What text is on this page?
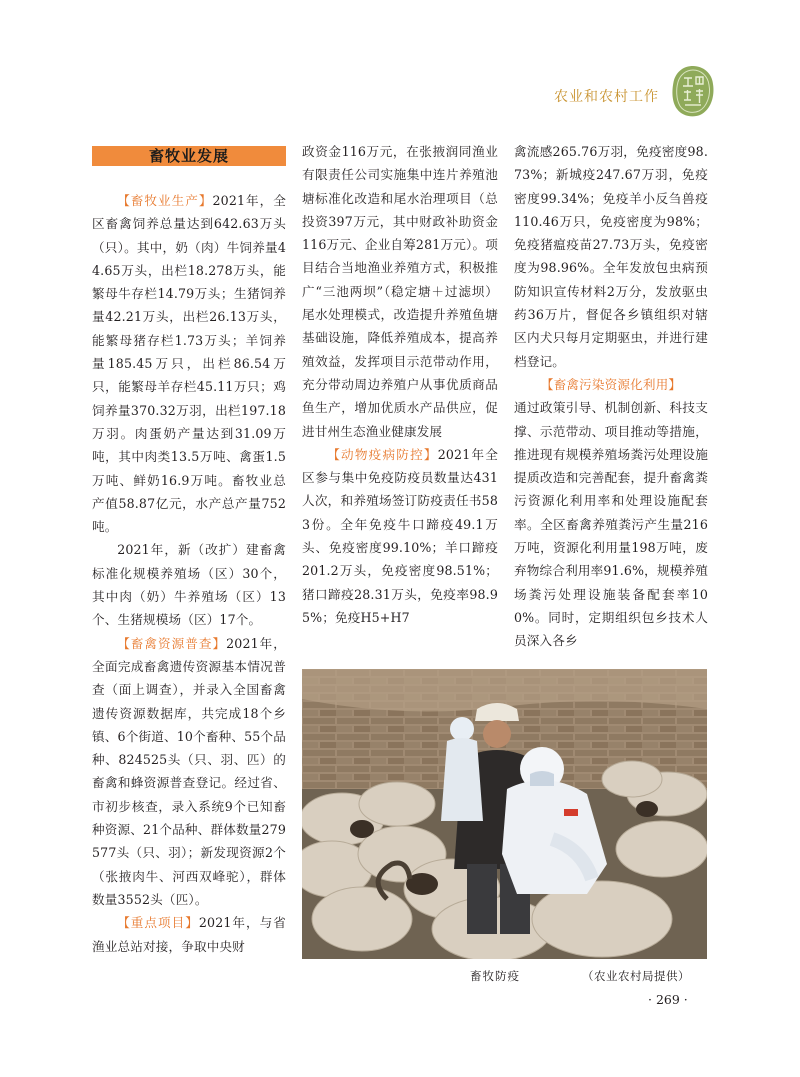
农业和农村工作
畜牧业发展

【畜牧业生产】2021年，全区畜禽饲养总量达到642.63万头（只）。其中，奶（肉）牛饲养量44.65万头，出栏18.278万头，能繁母牛存栏14.79万头；生猪饲养量42.21万头，出栏26.13万头，能繁母猪存栏1.73万头；羊饲养量185.45万只，出栏86.54万只，能繁母羊存栏45.11万只；鸡饲养量370.32万羽，出栏197.18万羽。肉蛋奶产量达到31.09万吨，其中肉类13.5万吨、禽蛋1.5万吨、鲜奶16.9万吨。畜牧业总产值58.87亿元，水产总产量752吨。

2021年，新（改扩）建畜禽标准化规模养殖场（区）30个，其中肉（奶）牛养殖场（区）13个、生猪规模场（区）17个。

【畜禽资源普查】2021年，全面完成畜禽遗传资源基本情况普查（面上调查），并录入全国畜禽遗传资源数据库，共完成18个乡镇、6个街道、10个畜种、55个品种、824525头（只、羽、匹）的畜禽和蜂资源普查登记。经过省、市初步核查，录入系统9个已知畜种资源、21个品种、群体数量279577头（只、羽）；新发现资源2个（张掖肉牛、河西双峰驼），群体数量3552头（匹）。

【重点项目】2021年，与省渔业总站对接，争取中央财

政资金116万元，在张掖润同渔业有限责任公司实施集中连片养殖池塘标准化改造和尾水治理项目（总投资397万元，其中财政补助资金116万元、企业自筹281万元）。项目结合当地渔业养殖方式，积极推广“三池两坝”（稳定塘＋过滤坝）尾水处理模式，改造提升养殖鱼塘基础设施，降低养殖成本，提高养殖效益，发挥项目示范带动作用，充分带动周边养殖户从事优质商品鱼生产，增加优质水产品供应，促进甘州生态渔业健康发展

【动物疫病防控】2021年全区参与集中免疫防疫员数量达431人次，和养殖场签订防疫责任书583份。全年免疫牛口蹄疫49.1万头、免疫密度99.10%；羊口蹄疫201.2万头，免疫密度98.51%；猪口蹄疫28.31万头，免疫率98.95%；免疫H5+H7

禽流感265.76万羽，免疫密度98.73%；新城疫247.67万羽，免疫密度99.34%；免疫羊小反刍兽疫110.46万只，免疫密度为98%；免疫猪瘟疫苗27.73万头，免疫密度为98.96%。全年发放包虫病预防知识宣传材料2万分，发放驱虫药36万片，督促各乡镇组织对辖区内犬只每月定期驱虫，并进行建档登记。

【畜禽污染资源化利用】

通过政策引导、机制创新、科技支撑、示范带动、项目推动等措施，推进现有规模养殖场粪污处理设施提质改造和完善配套，提升畜禽粪污资源化利用率和处理设施配套率。全区畜禽养殖粪污产生量216万吨，资源化利用量198万吨，废弃物综合利用率91.6%，规模养殖场粪污处理设施装备配套率100%。同时，定期组织包乡技术人员深入各乡

畜牧防疫	（农业农村局提供）
· 269 ·
